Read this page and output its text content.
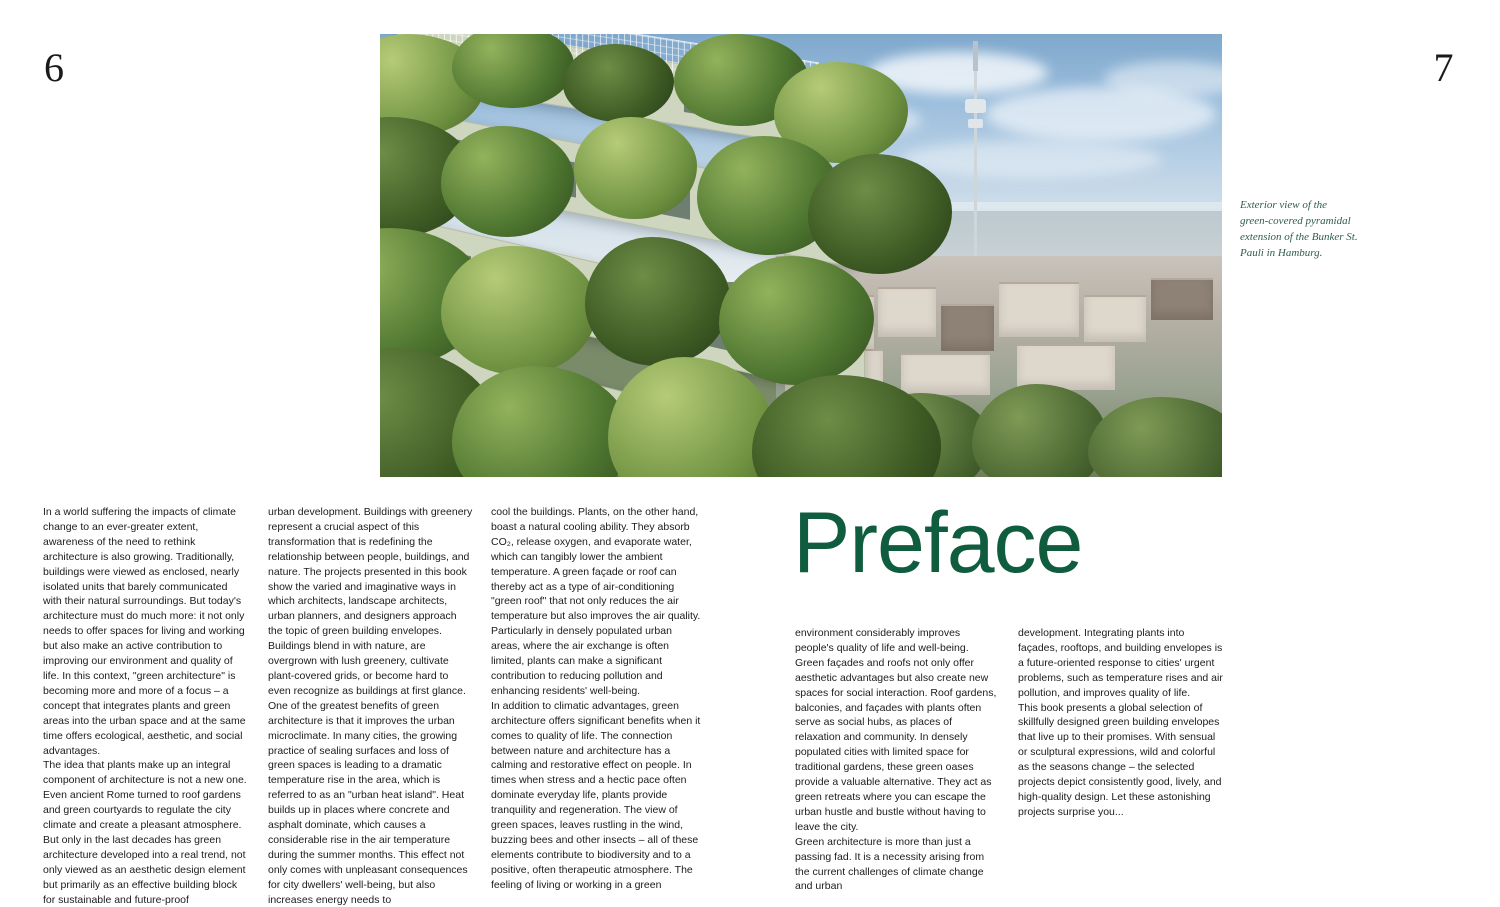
6	7
Exterior view of the green-covered pyramidal extension of the Bunker St. Pauli in Hamburg.

In a world suffering the impacts of climate change to an ever-greater extent, awareness of the need to rethink architecture is also growing. Traditionally, buildings were viewed as enclosed, nearly isolated units that barely communicated with their natural surroundings. But today's architecture must do much more: it not only needs to offer spaces for living and working but also make an active contribution to improving our environment and quality of life. In this context, "green architecture" is becoming more and more of a focus – a concept that integrates plants and green areas into the urban space and at the same time offers ecological, aesthetic, and social advantages.
The idea that plants make up an integral component of architecture is not a new one. Even ancient Rome turned to roof gardens and green courtyards to regulate the city climate and create a pleasant atmosphere. But only in the last decades has green architecture developed into a real trend, not only viewed as an aesthetic design element but primarily as an effective building block for sustainable and future-proof

urban development. Buildings with greenery represent a crucial aspect of this transformation that is redefining the relationship between people, buildings, and nature. The projects presented in this book show the varied and imaginative ways in which architects, landscape architects, urban planners, and designers approach the topic of green building envelopes. Buildings blend in with nature, are overgrown with lush greenery, cultivate plant-covered grids, or become hard to even recognize as buildings at first glance.
One of the greatest benefits of green architecture is that it improves the urban microclimate. In many cities, the growing practice of sealing surfaces and loss of green spaces is leading to a dramatic temperature rise in the area, which is referred to as an "urban heat island". Heat builds up in places where concrete and asphalt dominate, which causes a considerable rise in the air temperature during the summer months. This effect not only comes with unpleasant consequences for city dwellers' well-being, but also increases energy needs to

cool the buildings. Plants, on the other hand, boast a natural cooling ability. They absorb CO₂, release oxygen, and evaporate water, which can tangibly lower the ambient temperature. A green façade or roof can thereby act as a type of air-conditioning "green roof" that not only reduces the air temperature but also improves the air quality. Particularly in densely populated urban areas, where the air exchange is often limited, plants can make a significant contribution to reducing pollution and enhancing residents' well-being.
In addition to climatic advantages, green architecture offers significant benefits when it comes to quality of life. The connection between nature and architecture has a calming and restorative effect on people. In times when stress and a hectic pace often dominate everyday life, plants provide tranquility and regeneration. The view of green spaces, leaves rustling in the wind, buzzing bees and other insects – all of these elements contribute to biodiversity and to a positive, often therapeutic atmosphere. The feeling of living or working in a green

Preface

environment considerably improves people's quality of life and well-being.
Green façades and roofs not only offer aesthetic advantages but also create new spaces for social interaction. Roof gardens, balconies, and façades with plants often serve as social hubs, as places of relaxation and community. In densely populated cities with limited space for traditional gardens, these green oases provide a valuable alternative. They act as green retreats where you can escape the urban hustle and bustle without having to leave the city.
Green architecture is more than just a passing fad. It is a necessity arising from the current challenges of climate change and urban

development. Integrating plants into façades, rooftops, and building envelopes is a future-oriented response to cities' urgent problems, such as temperature rises and air pollution, and improves quality of life.
This book presents a global selection of skillfully designed green building envelopes that live up to their promises. With sensual or sculptural expressions, wild and colorful as the seasons change – the selected projects depict consistently good, lively, and high-quality design. Let these astonishing projects surprise you...
